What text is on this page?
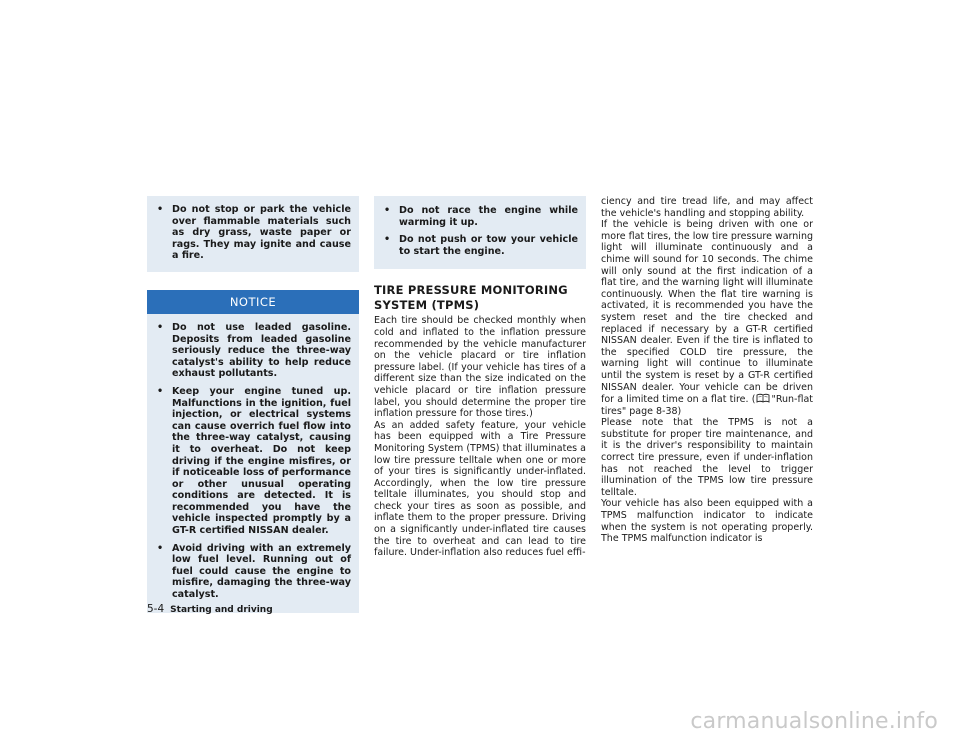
• Do not stop or park the vehicle over flammable materials such as dry grass, waste paper or rags. They may ignite and cause a fire.
NOTICE
• Do not use leaded gasoline. Deposits from leaded gasoline seriously reduce the three-way catalyst's ability to help reduce exhaust pollutants.
• Keep your engine tuned up. Malfunctions in the ignition, fuel injection, or electrical systems can cause overrich fuel flow into the three-way catalyst, causing it to overheat. Do not keep driving if the engine misfires, or if noticeable loss of performance or other unusual operating conditions are detected. It is recommended you have the vehicle inspected promptly by a GT-R certified NISSAN dealer.
• Avoid driving with an extremely low fuel level. Running out of fuel could cause the engine to misfire, damaging the three-way catalyst.
• Do not race the engine while warming it up.
• Do not push or tow your vehicle to start the engine.
TIRE PRESSURE MONITORING SYSTEM (TPMS)

Each tire should be checked monthly when cold and inflated to the inflation pressure recommended by the vehicle manufacturer on the vehicle placard or tire inflation pressure label. (If your vehicle has tires of a different size than the size indicated on the vehicle placard or tire inflation pressure label, you should determine the proper tire inflation pressure for those tires.)

As an added safety feature, your vehicle has been equipped with a Tire Pressure Monitoring System (TPMS) that illuminates a low tire pressure telltale when one or more of your tires is significantly under-inflated. Accordingly, when the low tire pressure telltale illuminates, you should stop and check your tires as soon as possible, and inflate them to the proper pressure. Driving on a significantly under-inflated tire causes the tire to overheat and can lead to tire failure. Under-inflation also reduces fuel effi-

ciency and tire tread life, and may affect the vehicle's handling and stopping ability.

If the vehicle is being driven with one or more flat tires, the low tire pressure warning light will illuminate continuously and a chime will sound for 10 seconds. The chime will only sound at the first indication of a flat tire, and the warning light will illuminate continuously. When the flat tire warning is activated, it is recommended you have the system reset and the tire checked and replaced if necessary by a GT-R certified NISSAN dealer. Even if the tire is inflated to the specified COLD tire pressure, the warning light will continue to illuminate until the system is reset by a GT-R certified NISSAN dealer. Your vehicle can be driven for a limited time on a flat tire. ( "Run-flat tires" page 8-38)

Please note that the TPMS is not a substitute for proper tire maintenance, and it is the driver's responsibility to maintain correct tire pressure, even if under-inflation has not reached the level to trigger illumination of the TPMS low tire pressure telltale.

Your vehicle has also been equipped with a TPMS malfunction indicator to indicate when the system is not operating properly. The TPMS malfunction indicator is

5-4 Starting and driving
carmanualsonline.info
